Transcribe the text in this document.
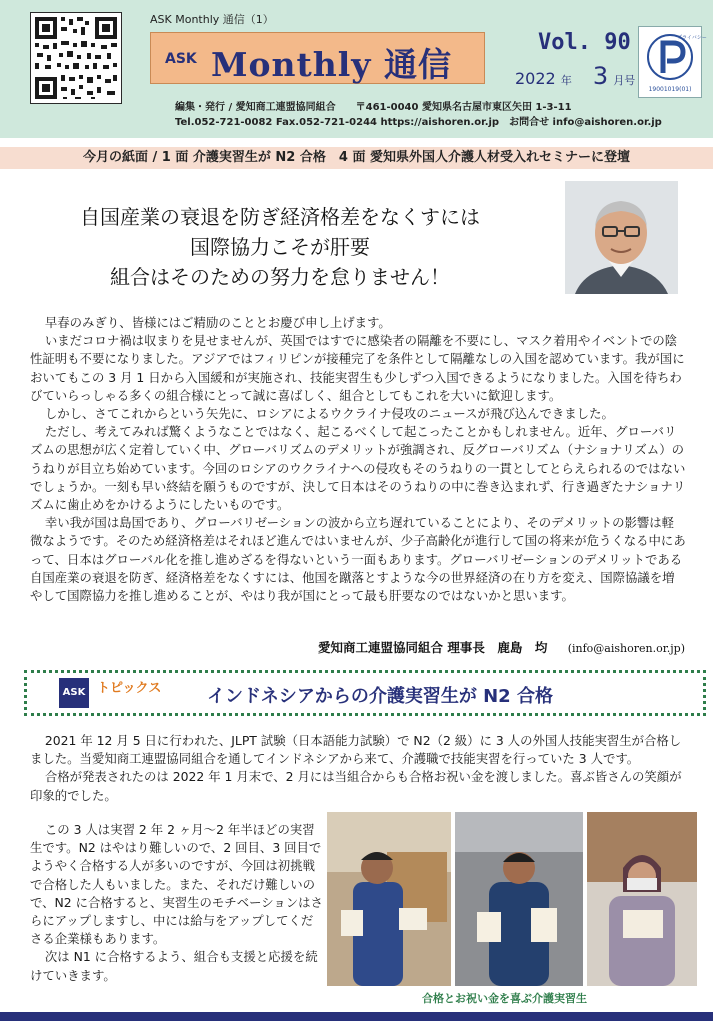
ASK Monthly 通信（1）
ASK Monthly 通信
Vol. 90
2022 年 3 月号
プライバシー
19001019(01)
編集・発行 / 愛知商工連盟協同組合　　〒461-0040 愛知県名古屋市東区矢田 1-3-11
Tel.052-721-0082 Fax.052-721-0244 https://aishoren.or.jp　お問合せ info@aishoren.or.jp
今月の紙面 / 1 面 介護実習生が N2 合格　4 面 愛知県外国人介護人材受入れセミナーに登壇
自国産業の衰退を防ぎ経済格差をなくすには
国際協力こそが肝要
組合はそのための努力を怠りません！

早春のみぎり、皆様にはご精励のこととお慶び申し上げます。

いまだコロナ禍は収まりを見せませんが、英国ではすでに感染者の隔離を不要にし、マスク着用やイベントでの陰性証明も不要になりました。アジアではフィリピンが接種完了を条件として隔離なしの入国を認めています。我が国においてもこの 3 月 1 日から入国緩和が実施され、技能実習生も少しずつ入国できるようになりました。入国を待ちわびていらっしゃる多くの組合様にとって誠に喜ばしく、組合としてもこれを大いに歓迎します。

しかし、さてこれからという矢先に、ロシアによるウクライナ侵攻のニュースが飛び込んできました。

ただし、考えてみれば驚くようなことではなく、起こるべくして起こったことかもしれません。近年、グローバリズムの思想が広く定着していく中、グローバリズムのデメリットが強調され、反グローバリズム（ナショナリズム）のうねりが目立ち始めています。今回のロシアのウクライナへの侵攻もそのうねりの一貫としてとらえられるのではないでしょうか。一刻も早い終結を願うものですが、決して日本はそのうねりの中に巻き込まれず、行き過ぎたナショナリズムに歯止めをかけるようにしたいものです。

幸い我が国は島国であり、グローバリゼーションの波から立ち遅れていることにより、そのデメリットの影響は軽微なようです。そのため経済格差はそれほど進んではいませんが、少子高齢化が進行して国の将来が危うくなる中にあって、日本はグローバル化を推し進めざるを得ないという一面もあります。グローバリゼーションのデメリットである自国産業の衰退を防ぎ、経済格差をなくすには、他国を蹴落とすような今の世界経済の在り方を変え、国際協議を増やして国際協力を推し進めることが、やはり我が国にとって最も肝要なのではないかと思います。

愛知商工連盟協同組合 理事長　鹿島　均 (info@aishoren.or.jp)
ASK トピックス	インドネシアからの介護実習生が N2 合格

2021 年 12 月 5 日に行われた、JLPT 試験（日本語能力試験）で N2（2 級）に 3 人の外国人技能実習生が合格しました。当愛知商工連盟協同組合を通してインドネシアから来て、介護職で技能実習を行っていた 3 人です。

合格が発表されたのは 2022 年 1 月末で、2 月には当組合からも合格お祝い金を渡しました。喜ぶ皆さんの笑顔が印象的でした。

この 3 人は実習 2 年 2 ヶ月〜2 年半ほどの実習生です。N2 はやはり難しいので、2 回目、3 回目でようやく合格する人が多いのですが、今回は初挑戦で合格した人もいました。また、それだけ難しいので、N2 に合格すると、実習生のモチベーションはさらにアップしますし、中には給与をアップしてくださる企業様もあります。

次は N1 に合格するよう、組合も支援と応援を続けていきます。

合格とお祝い金を喜ぶ介護実習生
